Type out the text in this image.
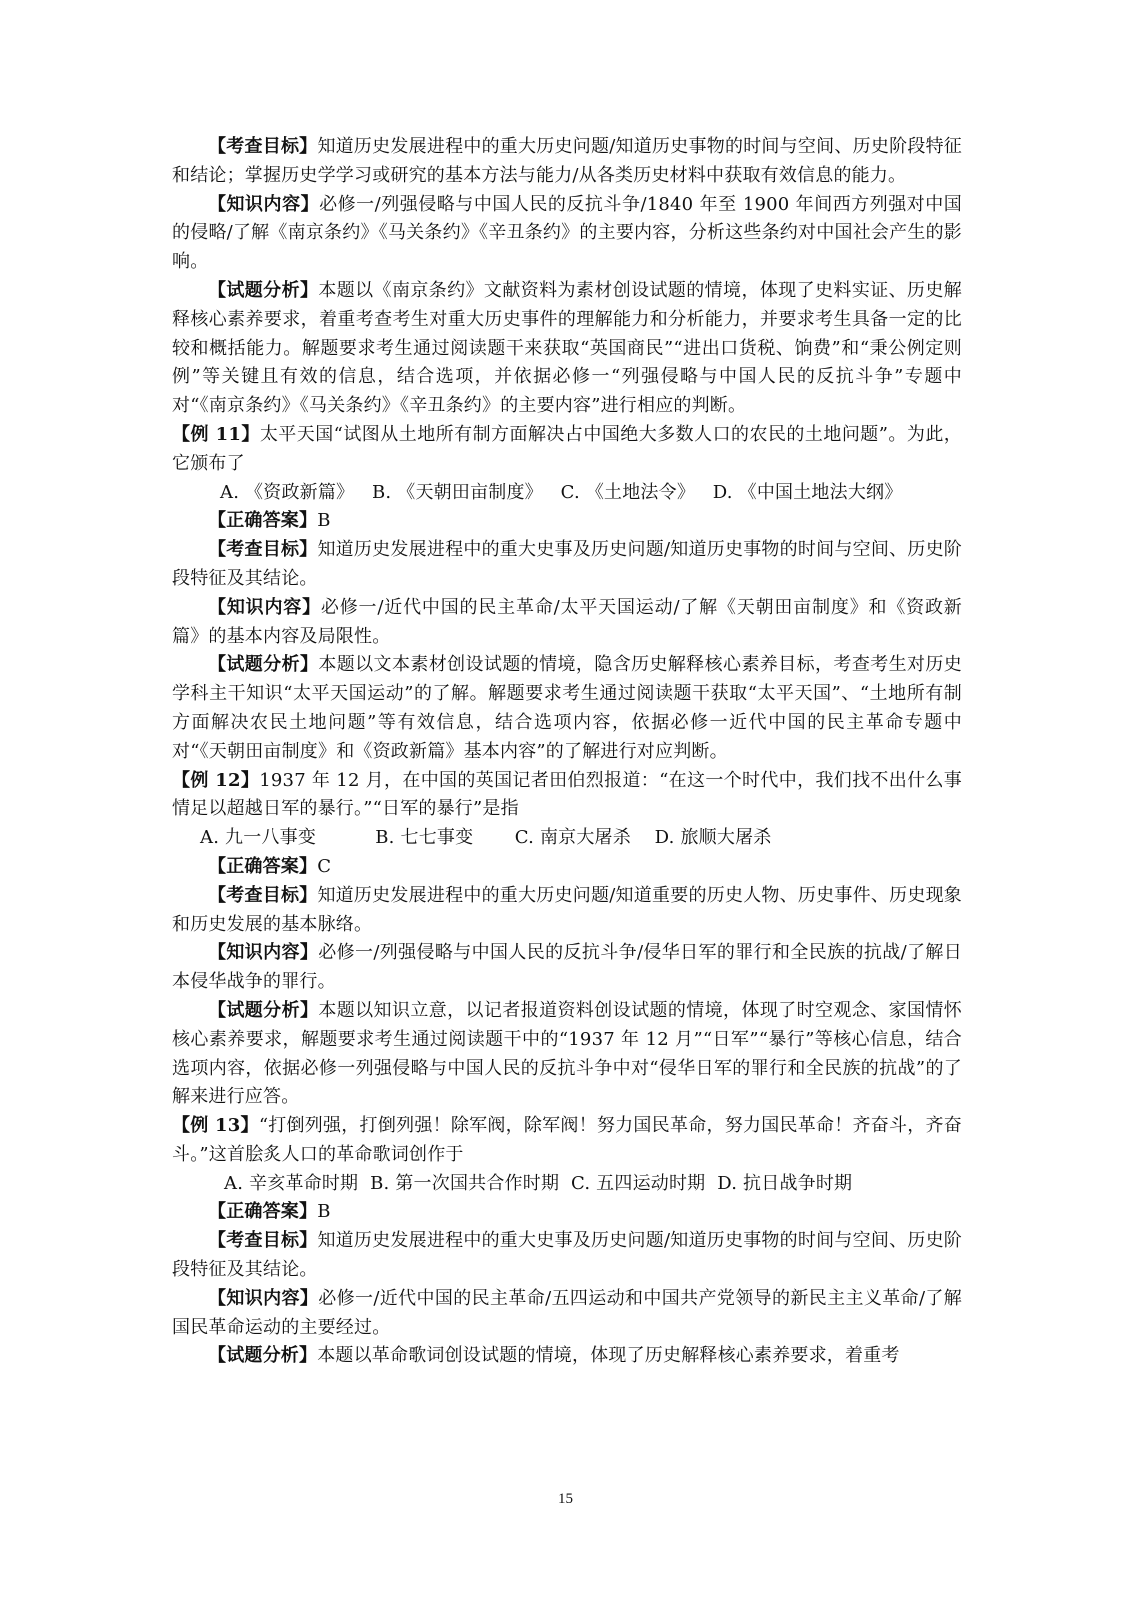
【考查目标】知道历史发展进程中的重大历史问题/知道历史事物的时间与空间、历史阶段特征和结论；掌握历史学学习或研究的基本方法与能力/从各类历史材料中获取有效信息的能力。

【知识内容】必修一/列强侵略与中国人民的反抗斗争/1840 年至 1900 年间西方列强对中国的侵略/了解《南京条约》《马关条约》《辛丑条约》的主要内容，分析这些条约对中国社会产生的影响。

【试题分析】本题以《南京条约》文献资料为素材创设试题的情境，体现了史料实证、历史解释核心素养要求，着重考查考生对重大历史事件的理解能力和分析能力，并要求考生具备一定的比较和概括能力。解题要求考生通过阅读题干来获取“英国商民”“进出口货税、饷费”和“秉公例定则例”等关键且有效的信息，结合选项，并依据必修一“列强侵略与中国人民的反抗斗争”专题中对“《南京条约》《马关条约》《辛丑条约》的主要内容”进行相应的判断。

【例 11】太平天国“试图从土地所有制方面解决占中国绝大多数人口的农民的土地问题”。为此，它颁布了

A. 《资政新篇》   B. 《天朝田亩制度》   C. 《土地法令》   D. 《中国土地法大纲》

【正确答案】B

【考查目标】知道历史发展进程中的重大史事及历史问题/知道历史事物的时间与空间、历史阶段特征及其结论。

【知识内容】必修一/近代中国的民主革命/太平天国运动/了解《天朝田亩制度》和《资政新篇》的基本内容及局限性。

【试题分析】本题以文本素材创设试题的情境，隐含历史解释核心素养目标，考查考生对历史学科主干知识“太平天国运动”的了解。解题要求考生通过阅读题干获取“太平天国”、“土地所有制方面解决农民土地问题”等有效信息，结合选项内容，依据必修一近代中国的民主革命专题中对“《天朝田亩制度》和《资政新篇》基本内容”的了解进行对应判断。

【例 12】1937 年 12 月，在中国的英国记者田伯烈报道：“在这一个时代中，我们找不出什么事情足以超越日军的暴行。”“日军的暴行”是指

A. 九一八事变          B. 七七事变       C. 南京大屠杀    D. 旅顺大屠杀

【正确答案】C

【考查目标】知道历史发展进程中的重大历史问题/知道重要的历史人物、历史事件、历史现象和历史发展的基本脉络。

【知识内容】必修一/列强侵略与中国人民的反抗斗争/侵华日军的罪行和全民族的抗战/了解日本侵华战争的罪行。

【试题分析】本题以知识立意，以记者报道资料创设试题的情境，体现了时空观念、家国情怀核心素养要求，解题要求考生通过阅读题干中的“1937 年 12 月”“日军”“暴行”等核心信息，结合选项内容，依据必修一列强侵略与中国人民的反抗斗争中对“侵华日军的罪行和全民族的抗战”的了解来进行应答。

【例 13】“打倒列强，打倒列强！除军阀，除军阀！努力国民革命，努力国民革命！齐奋斗，齐奋斗。”这首脍炙人口的革命歌词创作于

A. 辛亥革命时期  B. 第一次国共合作时期  C. 五四运动时期  D. 抗日战争时期

【正确答案】B

【考查目标】知道历史发展进程中的重大史事及历史问题/知道历史事物的时间与空间、历史阶段特征及其结论。

【知识内容】必修一/近代中国的民主革命/五四运动和中国共产党领导的新民主主义革命/了解国民革命运动的主要经过。

【试题分析】本题以革命歌词创设试题的情境，体现了历史解释核心素养要求，着重考

15
